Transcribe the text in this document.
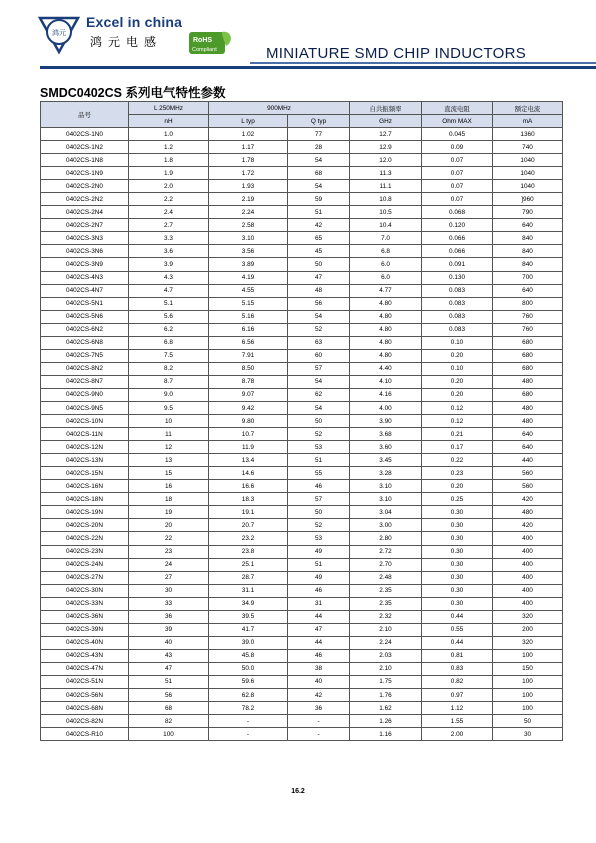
鸿元
Excel in china
鸿元电感	RoHS
Compliant	MINIATURE SMD CHIP INDUCTORS
SMDC0402CS 系列电气特性参数
品号	L 250MHz	900MHz		自共振频率	直流电阻	额定电流
	nH	L typ	Q typ	GHz	Ohm MAX	mA
0402CS-1N0	1.0	1.02	77	12.7	0.045	1360
0402CS-1N2	1.2	1.17	28	12.9	0.09	740
0402CS-1N8	1.8	1.78	54	12.0	0.07	1040
0402CS-1N9	1.9	1.72	68	11.3	0.07	1040
0402CS-2N0	2.0	1.93	54	11.1	0.07	1040
0402CS-2N2	2.2	2.19	59	10.8	0.07	]960
0402CS-2N4	2.4	2.24	51	10.5	0.068	790
0402CS-2N7	2.7	2.58	42	10.4	0.120	640
0402CS-3N3	3.3	3.10	65	7.0	0.066	840
0402CS-3N6	3.6	3.56	45	6.8	0.066	840
0402CS-3N9	3.9	3.89	50	6.0	0.091	840
0402CS-4N3	4.3	4.19	47	6.0	0.130	700
0402CS-4N7	4.7	4.55	48	4.77	0.083	640
0402CS-5N1	5.1	5.15	56	4.80	0.083	800
0402CS-5N6	5.6	5.16	54	4.80	0.083	760
0402CS-6N2	6.2	6.16	52	4.80	0.083	760
0402CS-6N8	6.8	6.56	63	4.80	0.10	680
0402CS-7N5	7.5	7.91	60	4.80	0.20	680
0402CS-8N2	8.2	8.50	57	4.40	0.10	680
0402CS-8N7	8.7	8.78	54	4.10	0.20	480
0402CS-9N0	9.0	9.07	62	4.16	0.20	680
0402CS-9N5	9.5	9.42	54	4.00	0.12	480
0402CS-10N	10	9.80	50	3.90	0.12	480
0402CS-11N	11	10.7	52	3.68	0.21	640
0402CS-12N	12	11.9	53	3.60	0.17	640
0402CS-13N	13	13.4	51	3.45	0.22	440
0402CS-15N	15	14.6	55	3.28	0.23	560
0402CS-16N	16	16.6	46	3.10	0.20	560
0402CS-18N	18	18.3	57	3.10	0.25	420
0402CS-19N	19	19.1	50	3.04	0.30	480
0402CS-20N	20	20.7	52	3.00	0.30	420
0402CS-22N	22	23.2	53	2.80	0.30	400
0402CS-23N	23	23.8	49	2.72	0.30	400
0402CS-24N	24	25.1	51	2.70	0.30	400
0402CS-27N	27	28.7	49	2.48	0.30	400
0402CS-30N	30	31.1	46	2.35	0.30	400
0402CS-33N	33	34.9	31	2.35	0.30	400
0402CS-36N	36	39.5	44	2.32	0.44	320
0402CS-39N	39	41.7	47	2.10	0.55	200
0402CS-40N	40	39.0	44	2.24	0.44	320
0402CS-43N	43	45.8	46	2.03	0.81	100
0402CS-47N	47	50.0	38	2.10	0.83	150
0402CS-51N	51	59.6	40	1.75	0.82	100
0402CS-56N	56	62.8	42	1.76	0.97	100
0402CS-68N	68	78.2	36	1.62	1.12	100
0402CS-82N	82	-	-	1.26	1.55	50
0402CS-R10	100	-	-	1.16	2.00	30
16.2
